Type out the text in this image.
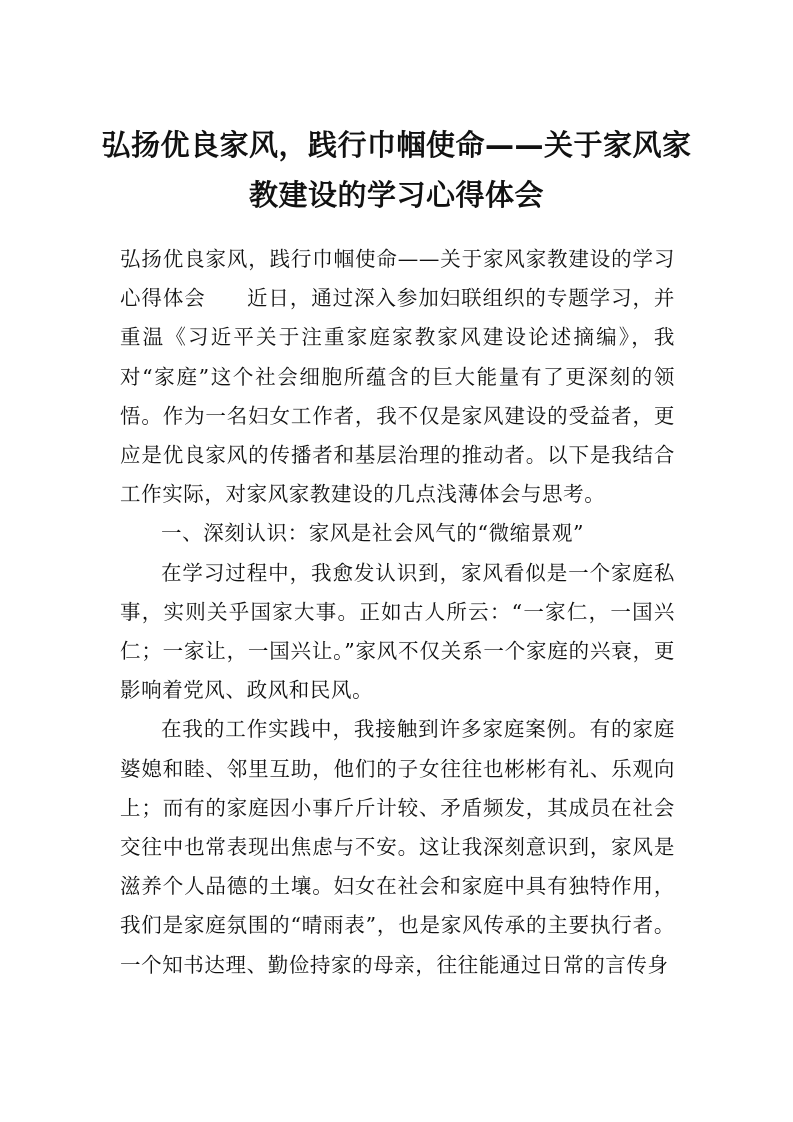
弘扬优良家风，践行巾帼使命——关于家风家教建设的学习心得体会

弘扬优良家风，践行巾帼使命——关于家风家教建设的学习心得体会 近日，通过深入参加妇联组织的专题学习，并重温《习近平关于注重家庭家教家风建设论述摘编》，我对“家庭”这个社会细胞所蕴含的巨大能量有了更深刻的领悟。作为一名妇女工作者，我不仅是家风建设的受益者，更应是优良家风的传播者和基层治理的推动者。以下是我结合工作实际，对家风家教建设的几点浅薄体会与思考。

一、深刻认识：家风是社会风气的“微缩景观”

在学习过程中，我愈发认识到，家风看似是一个家庭私事，实则关乎国家大事。正如古人所云：“一家仁，一国兴仁；一家让，一国兴让。”家风不仅关系一个家庭的兴衰，更影响着党风、政风和民风。

在我的工作实践中，我接触到许多家庭案例。有的家庭婆媳和睦、邻里互助，他们的子女往往也彬彬有礼、乐观向上；而有的家庭因小事斤斤计较、矛盾频发，其成员在社会交往中也常表现出焦虑与不安。这让我深刻意识到，家风是滋养个人品德的土壤。妇女在社会和家庭中具有独特作用，我们是家庭氛围的“晴雨表”，也是家风传承的主要执行者。一个知书达理、勤俭持家的母亲，往往能通过日常的言传身
